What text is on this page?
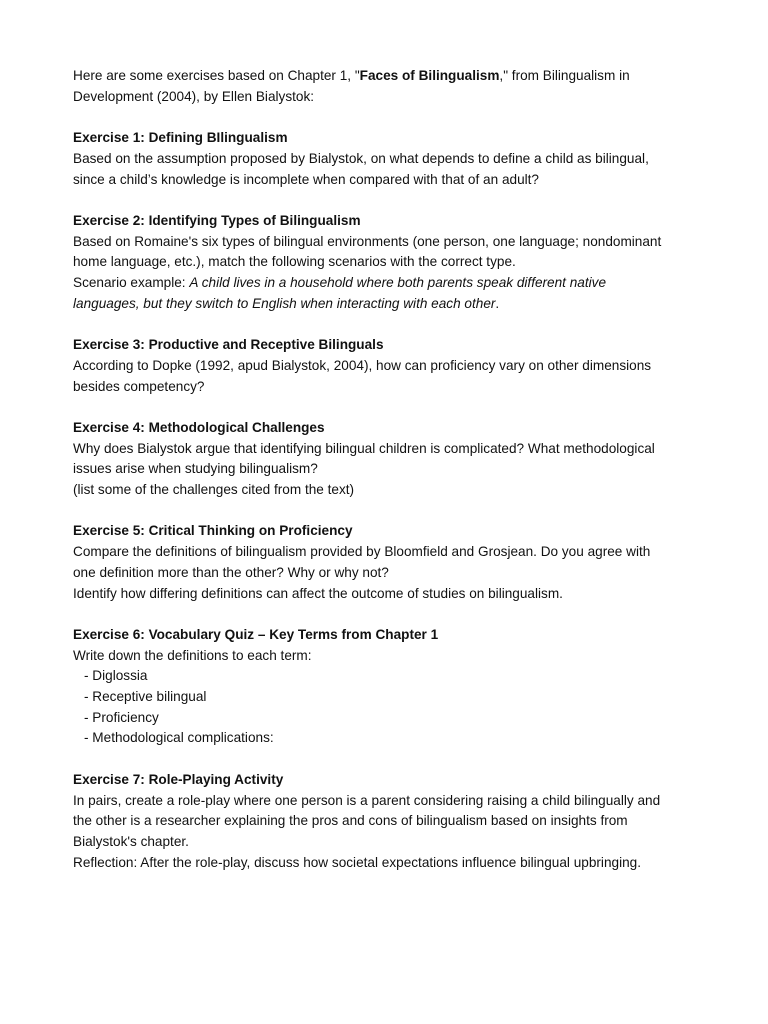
Here are some exercises based on Chapter 1, "Faces of Bilingualism," from Bilingualism in
Development (2004), by Ellen Bialystok:
Exercise 1: Defining BIlingualism
Based on the assumption proposed by Bialystok, on what depends to define a child as bilingual,
since a child’s knowledge is incomplete when compared with that of an adult?
Exercise 2: Identifying Types of Bilingualism
Based on Romaine's six types of bilingual environments (one person, one language; nondominant
home language, etc.), match the following scenarios with the correct type.
Scenario example: A child lives in a household where both parents speak different native
languages, but they switch to English when interacting with each other.
Exercise 3: Productive and Receptive Bilinguals
According to Dopke (1992, apud Bialystok, 2004), how can proficiency vary on other dimensions
besides competency?
Exercise 4: Methodological Challenges
Why does Bialystok argue that identifying bilingual children is complicated? What methodological
issues arise when studying bilingualism?
(list some of the challenges cited from the text)
Exercise 5: Critical Thinking on Proficiency
Compare the definitions of bilingualism provided by Bloomfield and Grosjean. Do you agree with
one definition more than the other? Why or why not?
Identify how differing definitions can affect the outcome of studies on bilingualism.
Exercise 6: Vocabulary Quiz – Key Terms from Chapter 1
Write down the definitions to each term:
- Diglossia
- Receptive bilingual
- Proficiency
- Methodological complications:
Exercise 7: Role-Playing Activity
In pairs, create a role-play where one person is a parent considering raising a child bilingually and
the other is a researcher explaining the pros and cons of bilingualism based on insights from
Bialystok's chapter.
Reflection: After the role-play, discuss how societal expectations influence bilingual upbringing.
